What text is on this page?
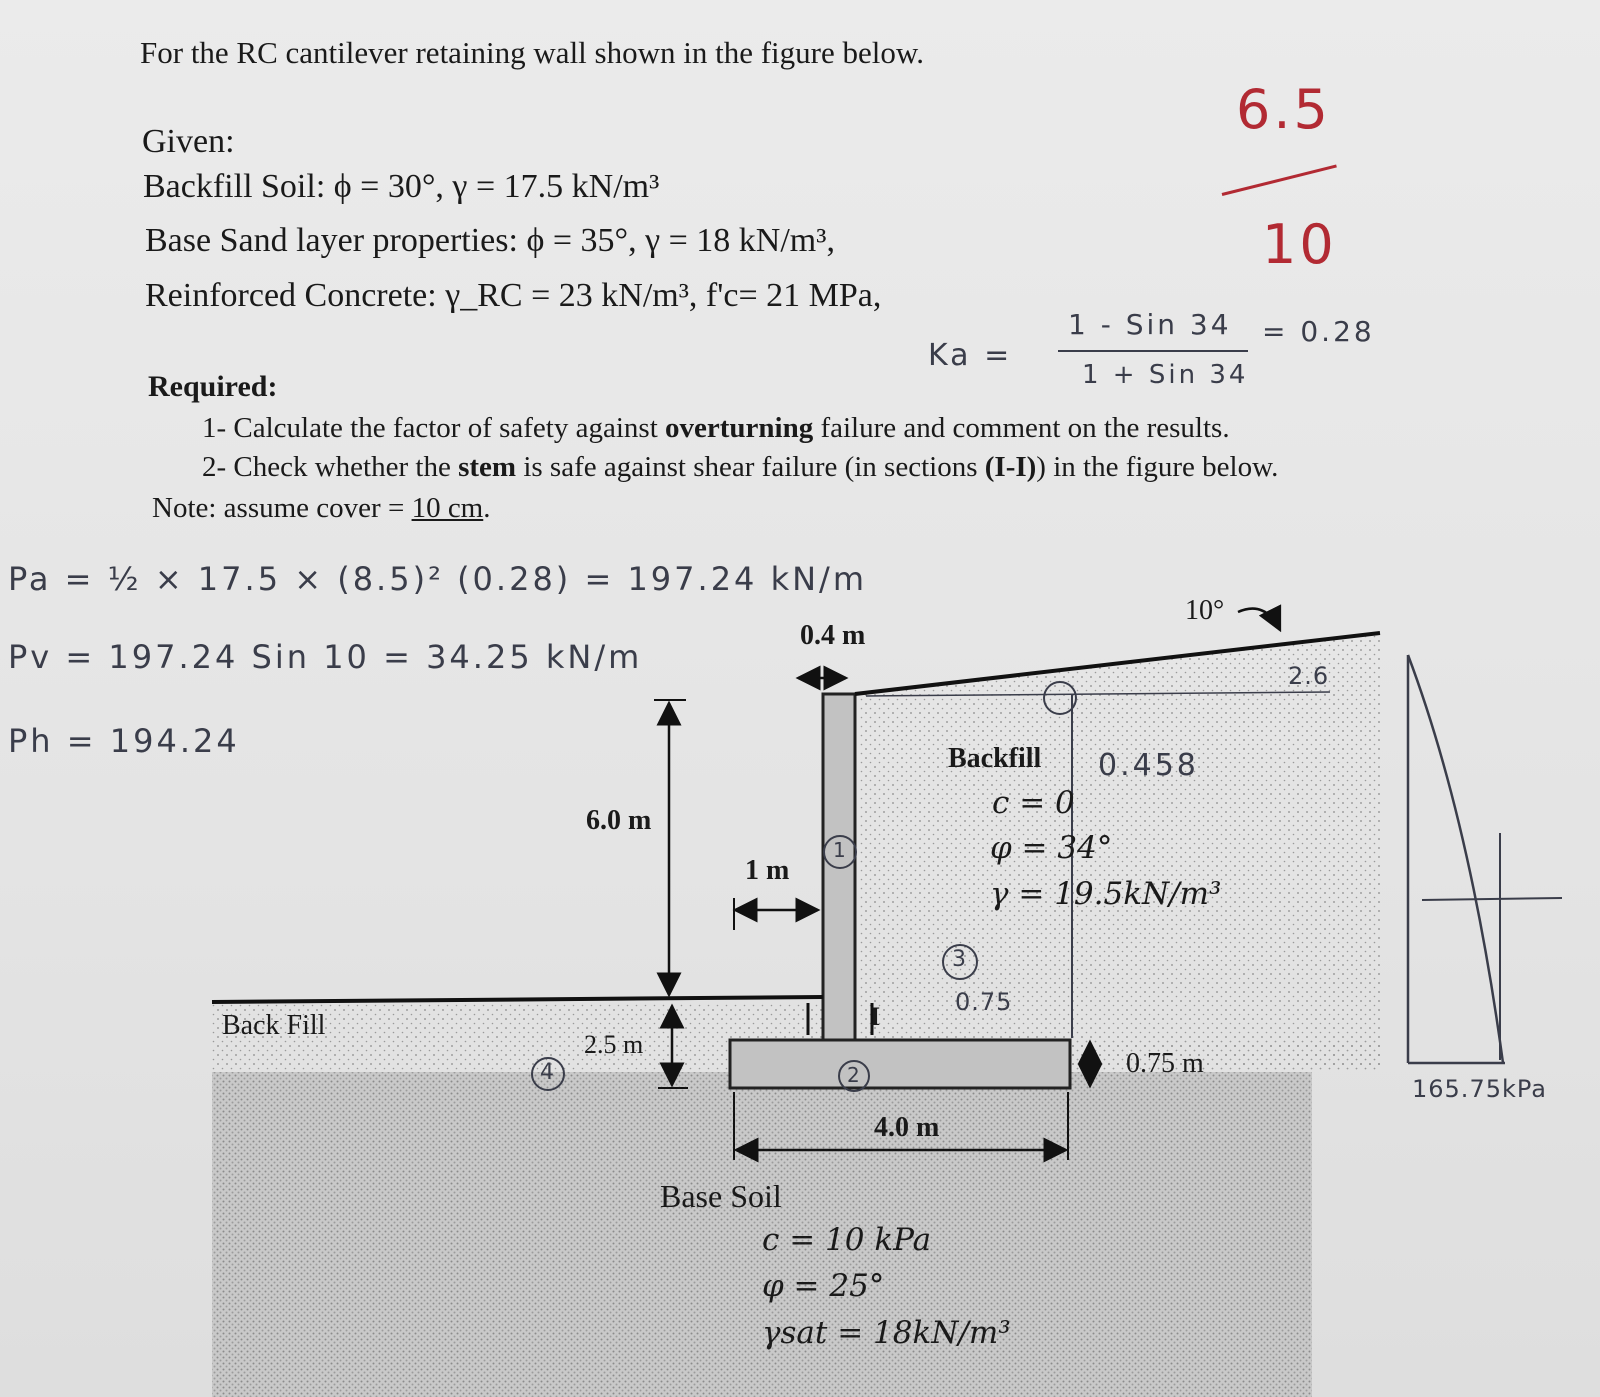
For the RC cantilever retaining wall shown in the figure below.
Given:
Backfill Soil: ϕ = 30°, γ = 17.5 kN/m³
Base Sand layer properties: ϕ = 35°, γ = 18 kN/m³,
Reinforced Concrete: γ_RC = 23 kN/m³, f'c= 21 MPa,
Required:
1- Calculate the factor of safety against overturning failure and comment on the results.
2- Check whether the stem is safe against shear failure (in sections (I-I)) in the figure below.
Note: assume cover = 10 cm.
6.5
10
Ka =
1 - Sin 34
1 + Sin 34
= 0.28
Pa = ½ × 17.5 × (8.5)² (0.28) = 197.24 kN/m
Pv = 197.24 Sin 10 = 34.25 kN/m
Ph = 194.24
0.4 m
10°
6.0 m
1 m
Backfill
c = 0
φ = 34°
γ = 19.5kN/m³
Back Fill
2.5 m
I
0.75 m
4.0 m
Base Soil
c = 10 kPa
φ = 25°
γsat = 18kN/m³
1
2
3
4
0.458
2.6
0.75
165.75kPa
